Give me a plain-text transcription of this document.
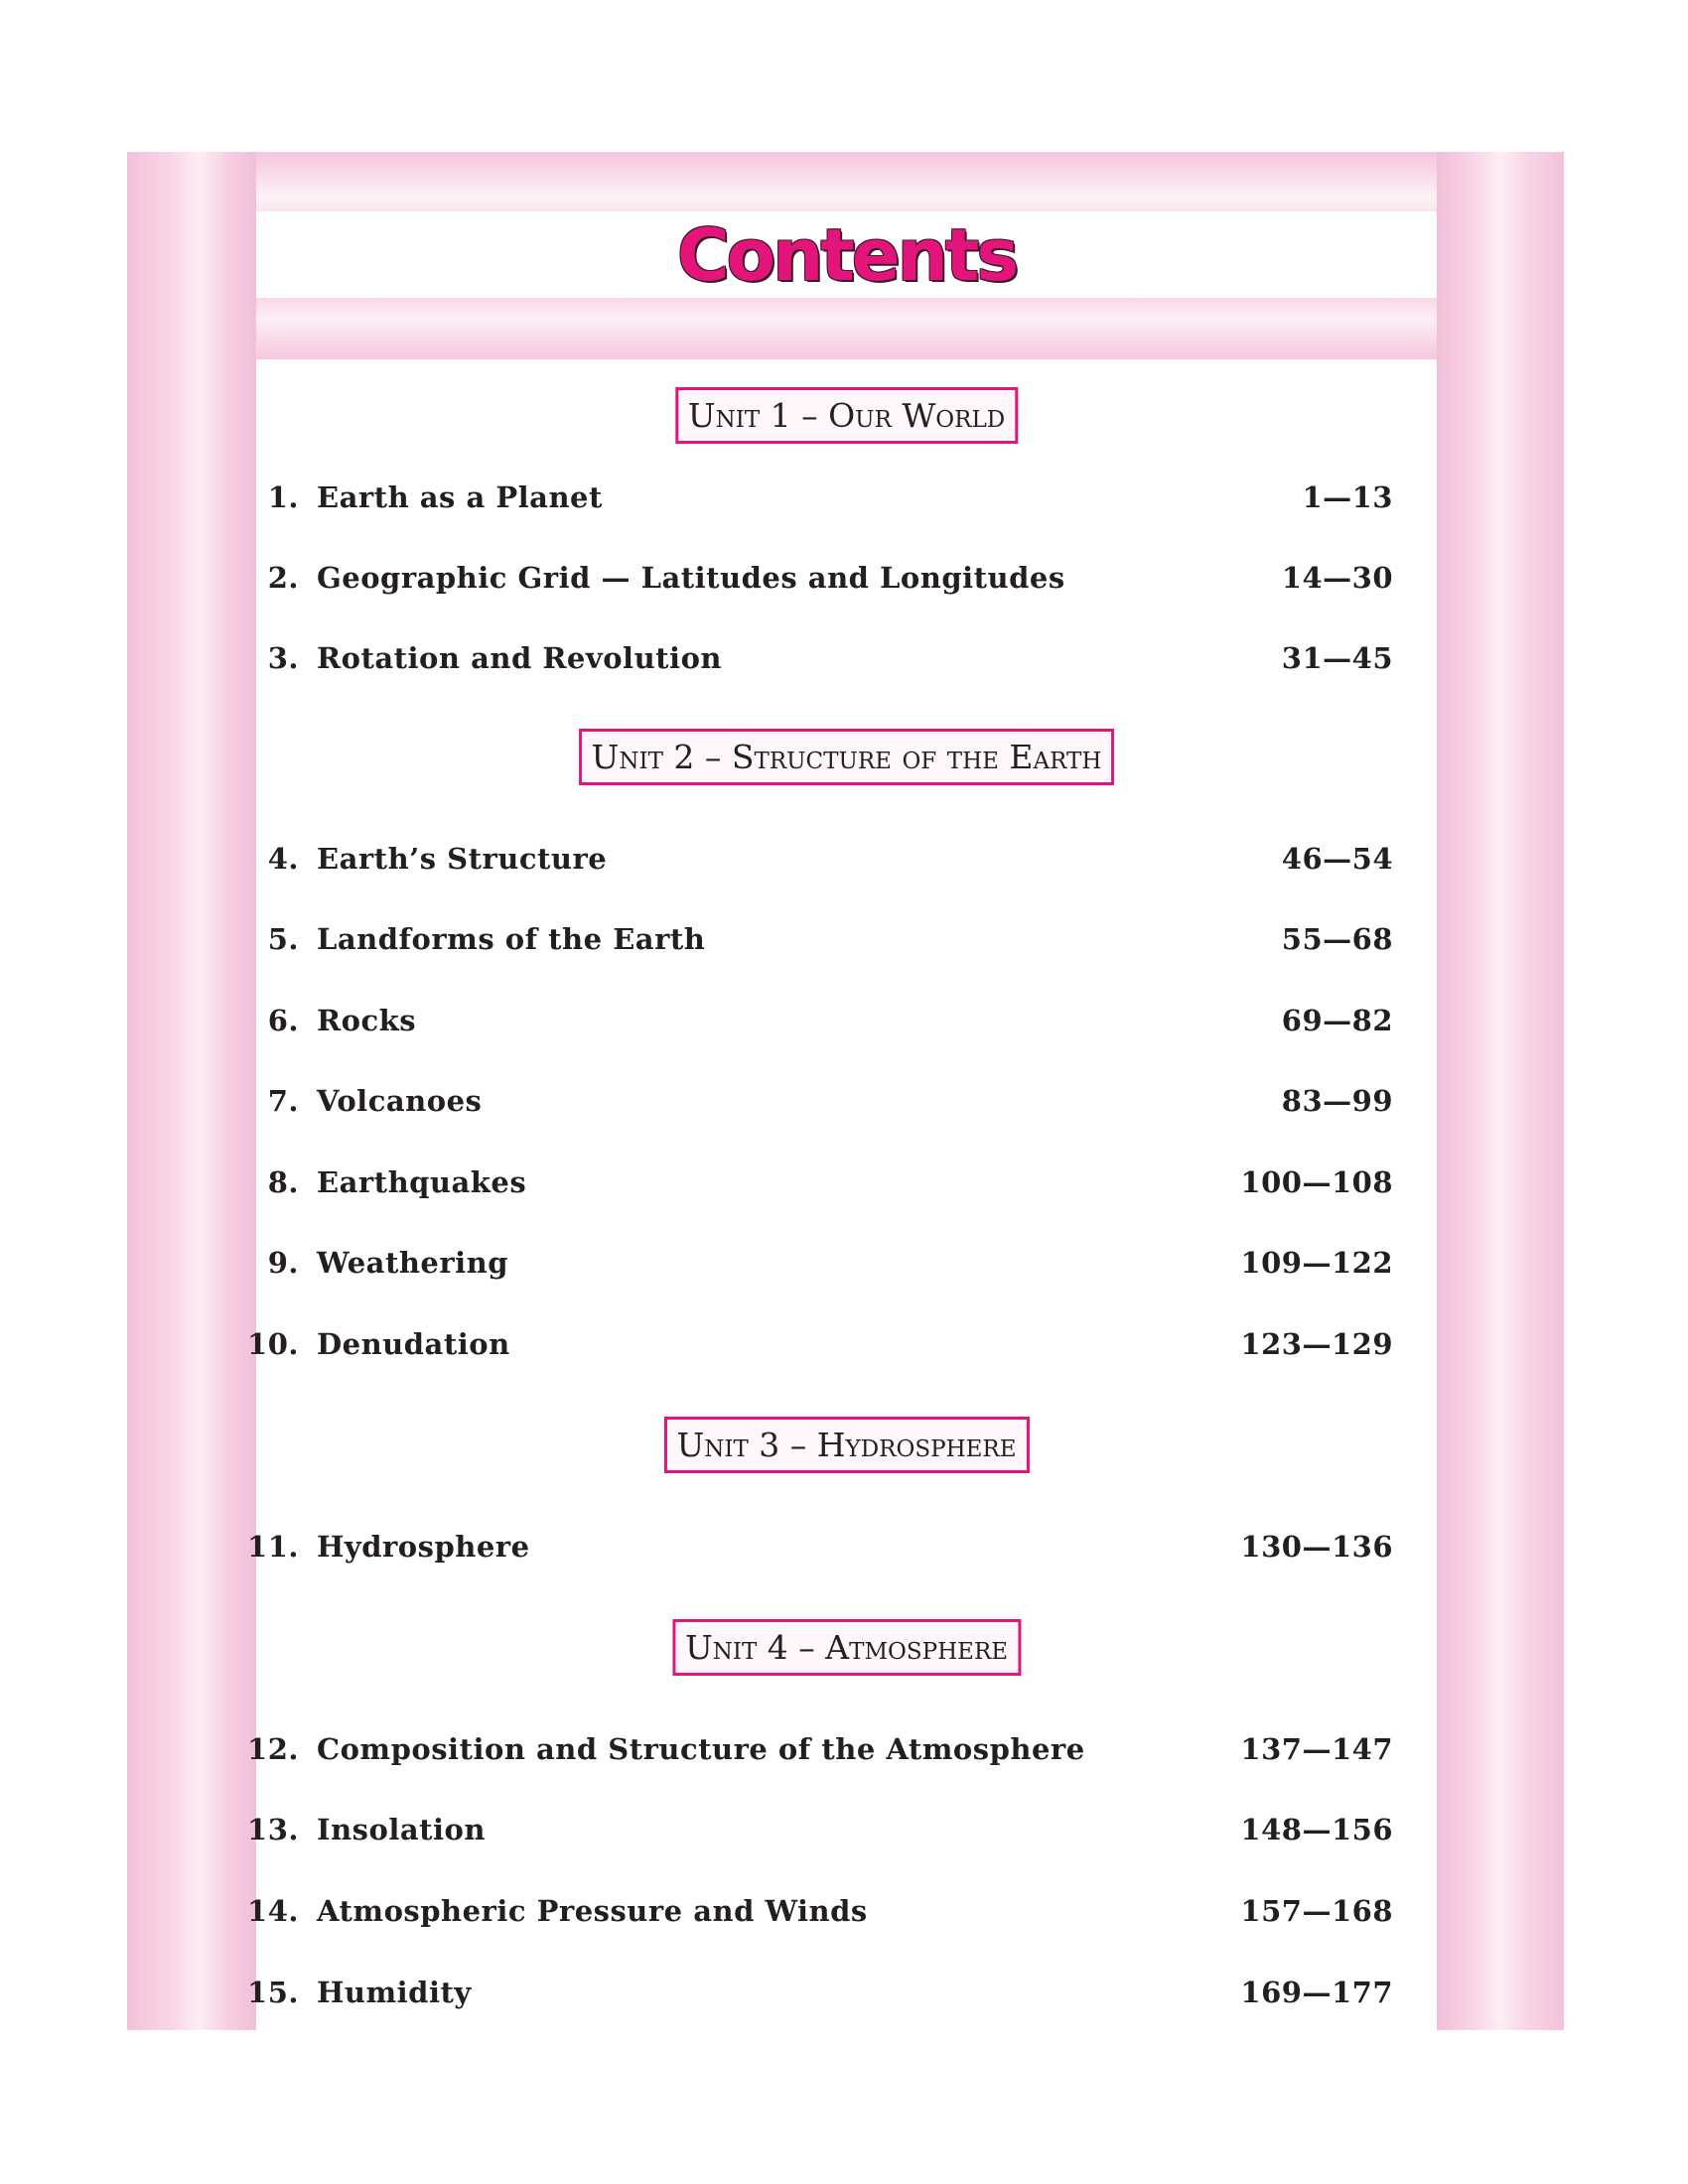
Contents
Unit 1 – Our World
1. Earth as a Planet	1—13
2. Geographic Grid — Latitudes and Longitudes	14—30
3. Rotation and Revolution	31—45
Unit 2 – Structure of the Earth
4. Earth’s Structure	46—54
5. Landforms of the Earth	55—68
6. Rocks	69—82
7. Volcanoes	83—99
8. Earthquakes	100—108
9. Weathering	109—122
10. Denudation	123—129
Unit 3 – Hydrosphere
11. Hydrosphere	130—136
Unit 4 – Atmosphere
12. Composition and Structure of the Atmosphere	137—147
13. Insolation	148—156
14. Atmospheric Pressure and Winds	157—168
15. Humidity	169—177
